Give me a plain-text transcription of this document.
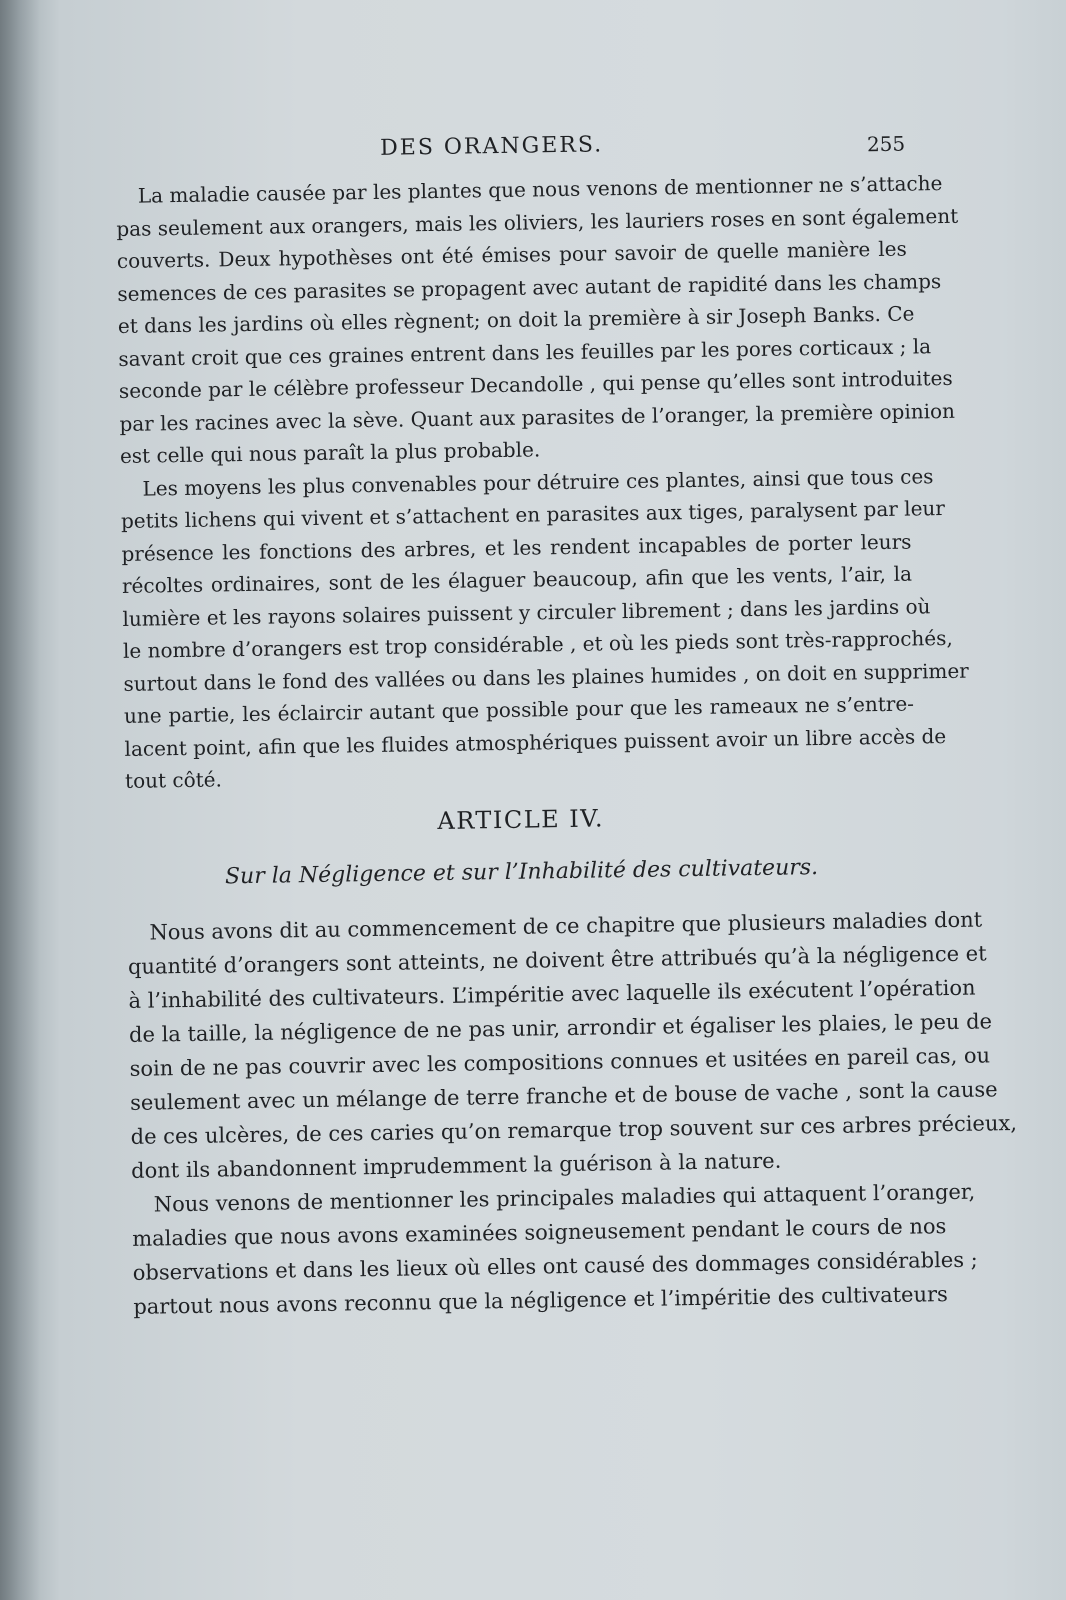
DES ORANGERS.	255

La maladie causée par les plantes que nous venons de mentionner ne s’attache
pas seulement aux orangers, mais les oliviers, les lauriers roses en sont également
couverts. Deux hypothèses ont été émises pour savoir de quelle manière les
semences de ces parasites se propagent avec autant de rapidité dans les champs
et dans les jardins où elles règnent; on doit la première à sir Joseph Banks. Ce
savant croit que ces graines entrent dans les feuilles par les pores corticaux ; la
seconde par le célèbre professeur Decandolle , qui pense qu’elles sont introduites
par les racines avec la sève. Quant aux parasites de l’oranger, la première opinion
est celle qui nous paraît la plus probable.

Les moyens les plus convenables pour détruire ces plantes, ainsi que tous ces
petits lichens qui vivent et s’attachent en parasites aux tiges, paralysent par leur
présence les fonctions des arbres, et les rendent incapables de porter leurs
récoltes ordinaires, sont de les élaguer beaucoup, afin que les vents, l’air, la
lumière et les rayons solaires puissent y circuler librement ; dans les jardins où
le nombre d’orangers est trop considérable , et où les pieds sont très-rapprochés,
surtout dans le fond des vallées ou dans les plaines humides , on doit en supprimer
une partie, les éclaircir autant que possible pour que les rameaux ne s’entre-
lacent point, afin que les fluides atmosphériques puissent avoir un libre accès de
tout côté.

ARTICLE IV.
Sur la Négligence et sur l’Inhabilité des cultivateurs.

Nous avons dit au commencement de ce chapitre que plusieurs maladies dont
quantité d’orangers sont atteints, ne doivent être attribués qu’à la négligence et
à l’inhabilité des cultivateurs. L’impéritie avec laquelle ils exécutent l’opération
de la taille, la négligence de ne pas unir, arrondir et égaliser les plaies, le peu de
soin de ne pas couvrir avec les compositions connues et usitées en pareil cas, ou
seulement avec un mélange de terre franche et de bouse de vache , sont la cause
de ces ulcères, de ces caries qu’on remarque trop souvent sur ces arbres précieux,
dont ils abandonnent imprudemment la guérison à la nature.

Nous venons de mentionner les principales maladies qui attaquent l’oranger,
maladies que nous avons examinées soigneusement pendant le cours de nos
observations et dans les lieux où elles ont causé des dommages considérables ;
partout nous avons reconnu que la négligence et l’impéritie des cultivateurs
